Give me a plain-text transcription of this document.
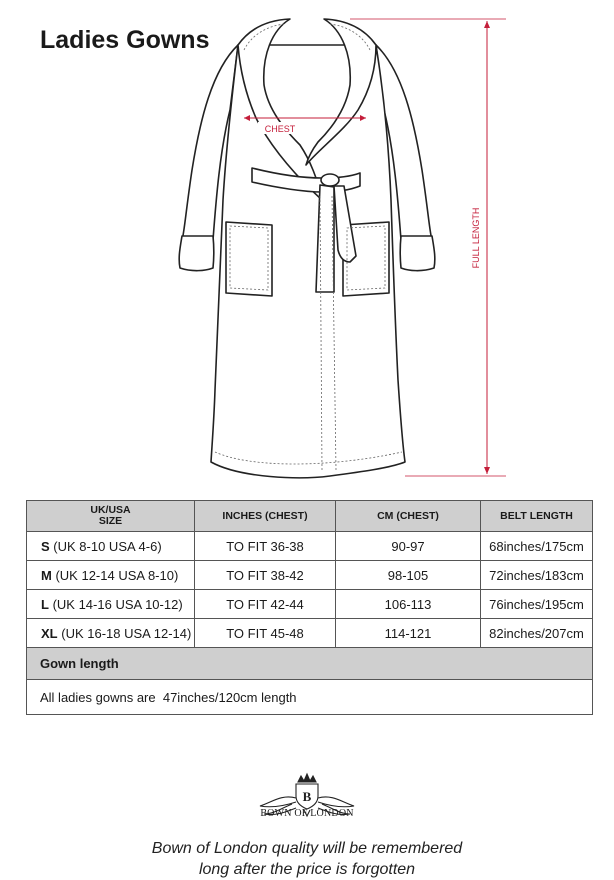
Ladies Gowns
CHEST
FULL LENGTH
UK/USA
SIZE	INCHES (CHEST)	CM (CHEST)	BELT LENGTH
S (UK 8-10 USA 4-6)	TO FIT 36-38	90-97	68inches/175cm
M (UK 12-14 USA 8-10)	TO FIT 38-42	98-105	72inches/183cm
L (UK 14-16 USA 10-12)	TO FIT 42-44	106-113	76inches/195cm
XL (UK 16-18 USA 12-14)	TO FIT 45-48	114-121	82inches/207cm
Gown length			
All ladies gowns are  47inches/120cm length			
B
BOWN OF LONDON
Bown of London quality will be remembered
long after the price is forgotten
